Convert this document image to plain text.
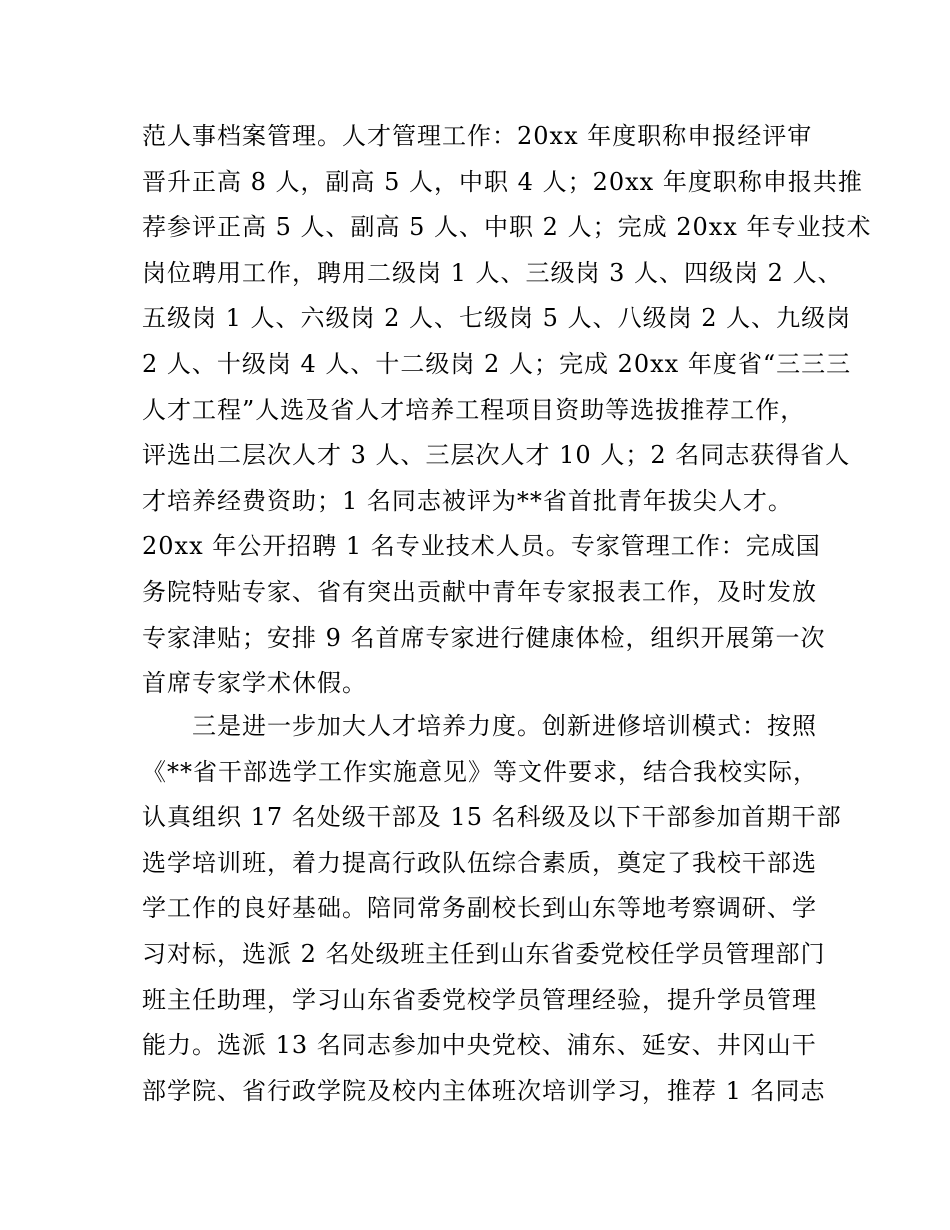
范人事档案管理。人才管理工作：20xx 年度职称申报经评审
晋升正高 8 人，副高 5 人，中职 4 人；20xx 年度职称申报共推
荐参评正高 5 人、副高 5 人、中职 2 人；完成 20xx 年专业技术
岗位聘用工作，聘用二级岗 1 人、三级岗 3 人、四级岗 2 人、
五级岗 1 人、六级岗 2 人、七级岗 5 人、八级岗 2 人、九级岗
2 人、十级岗 4 人、十二级岗 2 人；完成 20xx 年度省“三三三
人才工程”人选及省人才培养工程项目资助等选拔推荐工作，
评选出二层次人才 3 人、三层次人才 10 人；2 名同志获得省人
才培养经费资助；1 名同志被评为**省首批青年拔尖人才。
20xx 年公开招聘 1 名专业技术人员。专家管理工作：完成国
务院特贴专家、省有突出贡献中青年专家报表工作，及时发放
专家津贴；安排 9 名首席专家进行健康体检，组织开展第一次
首席专家学术休假。
　　三是进一步加大人才培养力度。创新进修培训模式：按照
《**省干部选学工作实施意见》等文件要求，结合我校实际，
认真组织 17 名处级干部及 15 名科级及以下干部参加首期干部
选学培训班，着力提高行政队伍综合素质，奠定了我校干部选
学工作的良好基础。陪同常务副校长到山东等地考察调研、学
习对标，选派 2 名处级班主任到山东省委党校任学员管理部门
班主任助理，学习山东省委党校学员管理经验，提升学员管理
能力。选派 13 名同志参加中央党校、浦东、延安、井冈山干
部学院、省行政学院及校内主体班次培训学习，推荐 1 名同志
